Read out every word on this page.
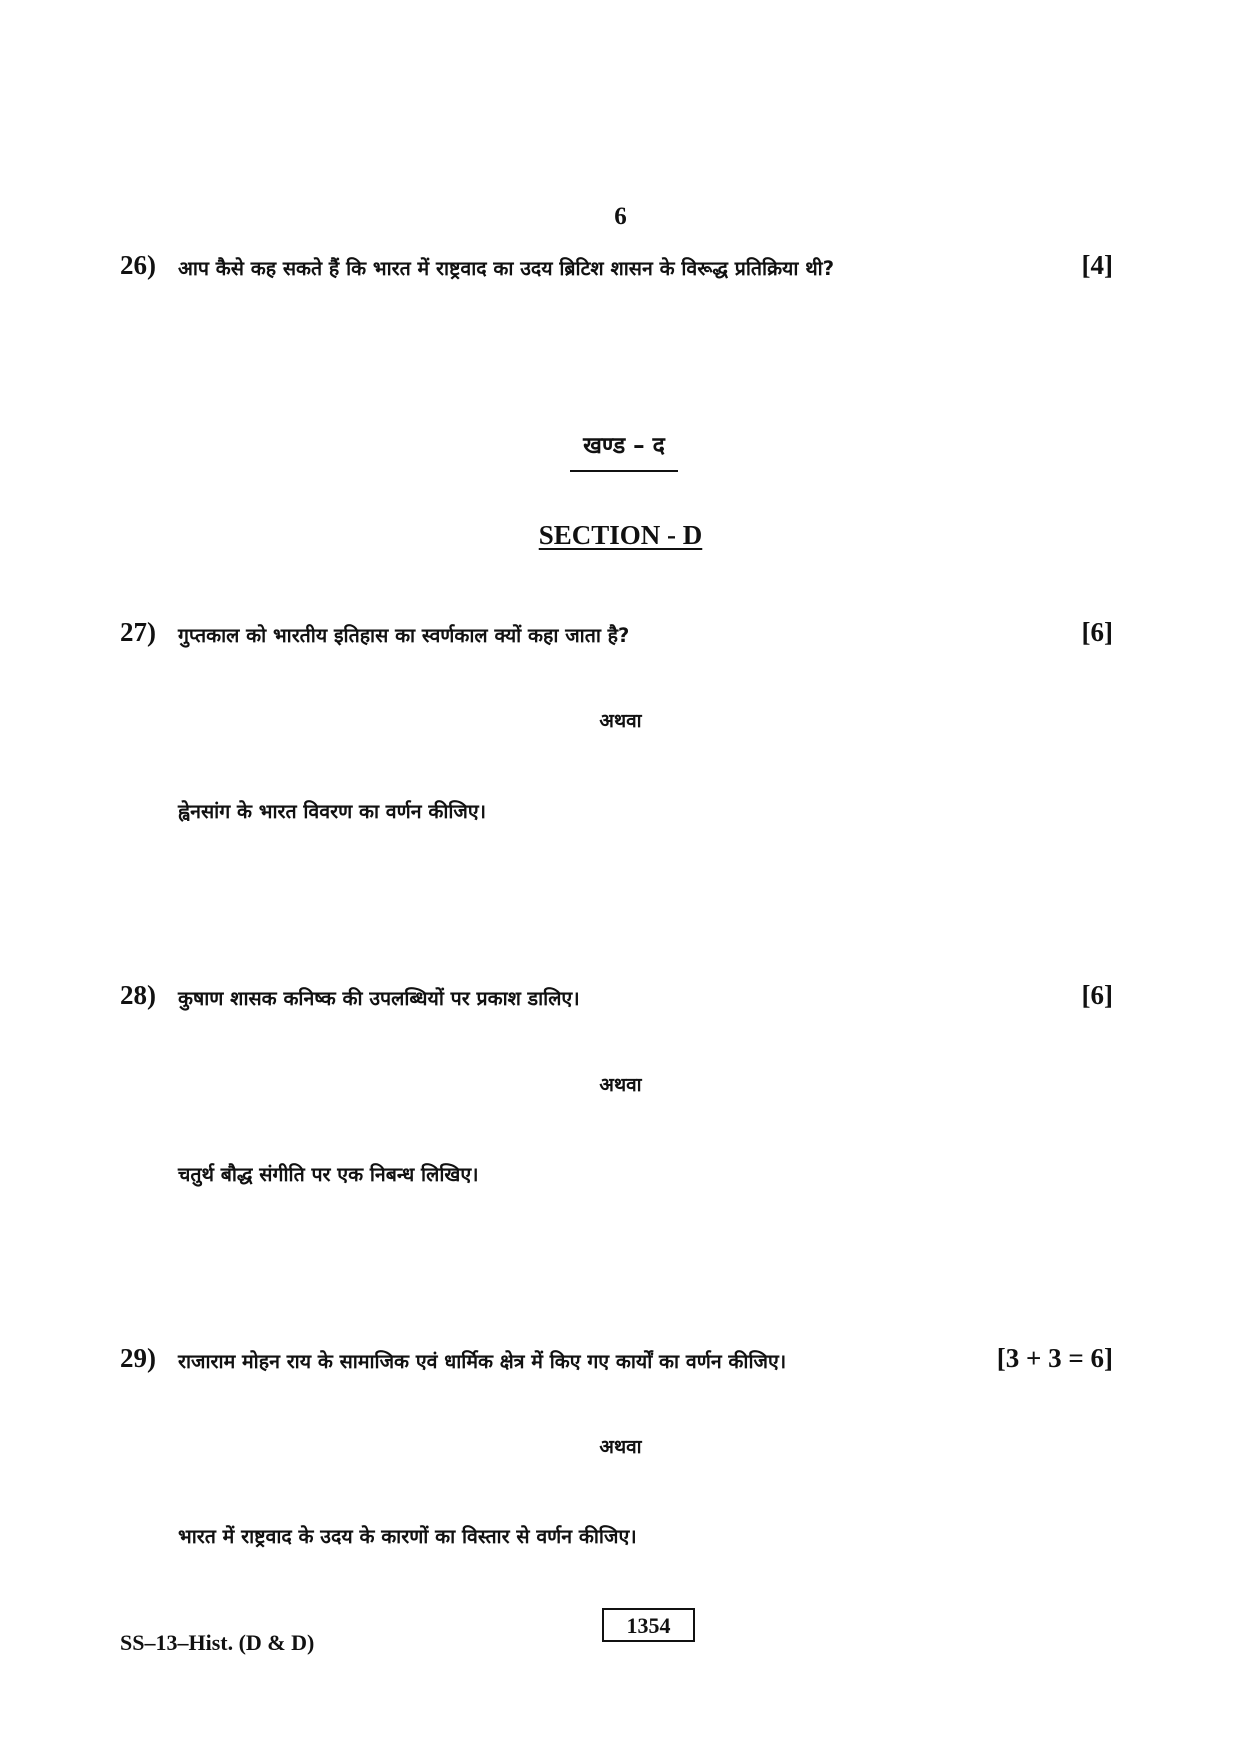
6
26) आप कैसे कह सकते हैं कि भारत में राष्ट्रवाद का उदय ब्रिटिश शासन के विरूद्ध प्रतिक्रिया थी?	[4]
खण्ड – द
SECTION - D
27) गुप्तकाल को भारतीय इतिहास का स्वर्णकाल क्यों कहा जाता है?	[6]
अथवा
ह्वेनसांग के भारत विवरण का वर्णन कीजिए।
28) कुषाण शासक कनिष्क की उपलब्धियों पर प्रकाश डालिए।	[6]
अथवा
चतुर्थ बौद्ध संगीति पर एक निबन्ध लिखिए।
29) राजाराम मोहन राय के सामाजिक एवं धार्मिक क्षेत्र में किए गए कार्यों का वर्णन कीजिए।	[3 + 3 = 6]
अथवा
भारत में राष्ट्रवाद के उदय के कारणों का विस्तार से वर्णन कीजिए।
SS–13–Hist. (D & D)
1354
